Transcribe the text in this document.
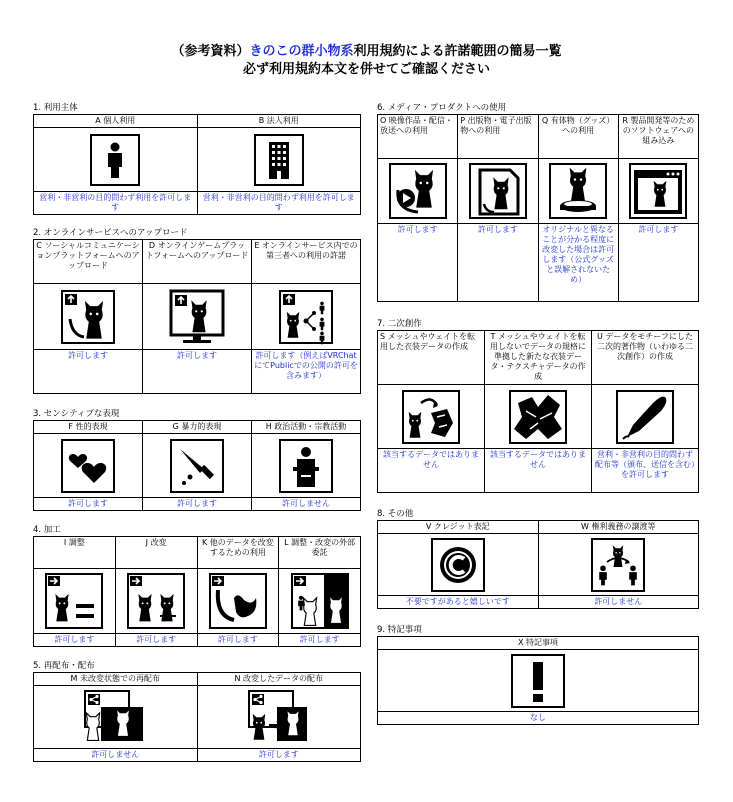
（参考資料）きのこの群小物系利用規約による許諾範囲の簡易一覧
必ず利用規約本文を併せてご確認ください
1. 利用主体
A 個人利用	B 法人利用

営利・非営利の目的問わず利用を許可します	営利・非営利の目的問わず利用を許可します
2. オンラインサービスへのアップロード
C ソーシャルコミュニケーションプラットフォームへのアップロード	D オンラインゲームプラットフォームへのアップロード	E オンラインサービス内での第三者への利用の許諾

許可します	許可します	許可します（例えばVRChatにてPublicでの公開の許可を含みます）
3. センシティブな表現
F 性的表現	G 暴力的表現	H 政治活動・宗教活動

許可します	許可します	許可しません
4. 加工
I 調整	J 改変	K 他のデータを改変するための利用	L 調整・改変の外部委託

許可します	許可します	許可します	許可します
5. 再配布・配布
M 未改変状態での再配布	N 改変したデータの配布

許可しません	許可します
6. メディア・プロダクトへの使用
O 映像作品・配信・放送への利用	P 出版物・電子出版物への利用	Q 有体物（グッズ）への利用	R 製品開発等のためのソフトウェアへの組み込み

許可します	許可します	オリジナルと異なることが分かる程度に改変した場合は許可します（公式グッズと誤解されないため）	許可します
7. 二次創作
S メッシュやウェイトを転用した衣装データの作成	T メッシュやウェイトを転用しないでデータの規格に準拠した新たな衣装データ・テクスチャデータの作成	U データをモチーフにした二次的著作物（いわゆる二次創作）の作成

該当するデータではありません	該当するデータではありません	営利・非営利の目的問わず配布等（頒布、送信を含む）を許可します
8. その他
V クレジット表記	W 権利義務の譲渡等

不要ですがあると嬉しいです	許可しません
9. 特記事項
X 特記事項

なし
